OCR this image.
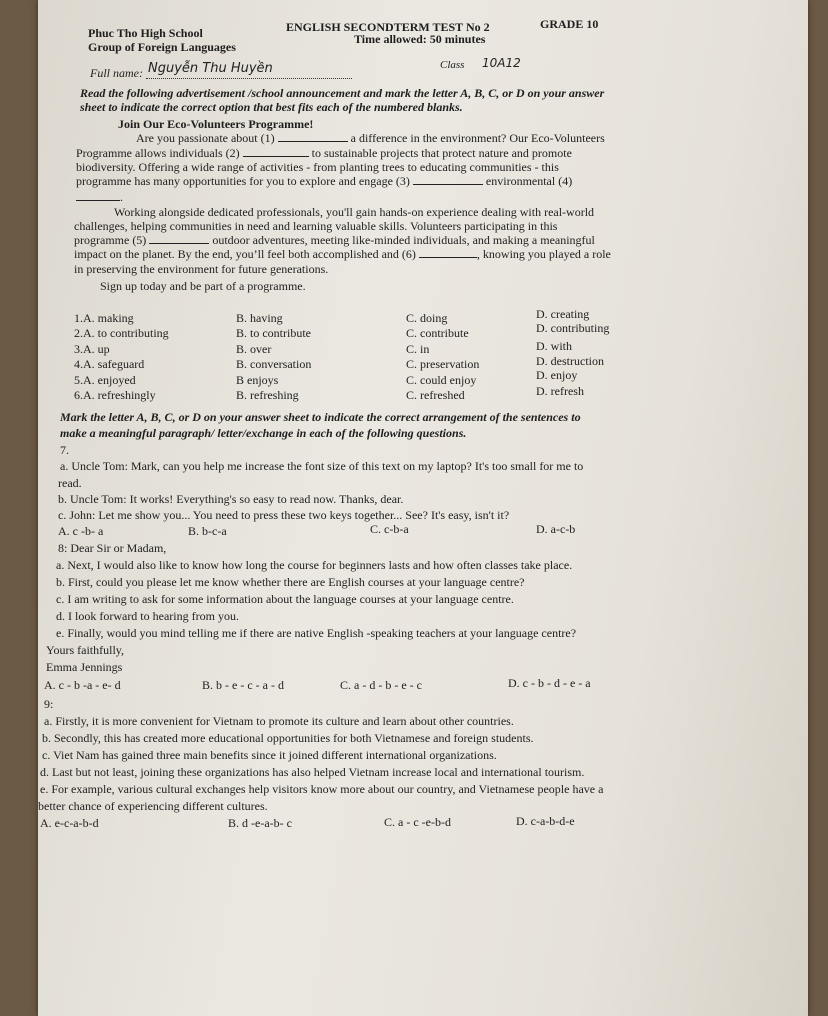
Phuc Tho High School
Group of Foreign Languages
ENGLISH SECONDTERM TEST No 2	GRADE 10
Time allowed: 50 minutes
Full name: Nguyễn Thu Huyền	Class 10A12
Read the following advertisement /school announcement and mark the letter A, B, C, or D on your answer
sheet to indicate the correct option that best fits each of the numbered blanks.
Join Our Eco-Volunteers Programme!
Are you passionate about (1)	a difference in the environment? Our Eco-Volunteers
Programme allows individuals (2)	to sustainable projects that protect nature and promote
biodiversity. Offering a wide range of activities - from planting trees to educating communities - this
programme has many opportunities for you to explore and engage (3)	environmental (4)
.
Working alongside dedicated professionals, you'll gain hands-on experience dealing with real-world
challenges, helping communities in need and learning valuable skills. Volunteers participating in this
programme (5)	outdoor adventures, meeting like-minded individuals, and making a meaningful
impact on the planet. By the end, you’ll feel both accomplished and (6)	, knowing you played a role
in preserving the environment for future generations.
Sign up today and be part of a programme.
1.A. making	B. having	C. doing	D. creating
2.A. to contributing	B. to contribute	C. contribute	D. contributing
3.A. up	B. over	C. in	D. with
4.A. safeguard	B. conversation	C. preservation	D. destruction
5.A. enjoyed	B enjoys	C. could enjoy	D. enjoy
6.A. refreshingly	B. refreshing	C. refreshed	D. refresh
Mark the letter A, B, C, or D on your answer sheet to indicate the correct arrangement of the sentences to
make a meaningful paragraph/ letter/exchange in each of the following questions.
7.
a. Uncle Tom: Mark, can you help me increase the font size of this text on my laptop? It's too small for me to
read.
b. Uncle Tom: It works! Everything's so easy to read now. Thanks, dear.
c. John: Let me show you... You need to press these two keys together... See? It's easy, isn't it?
A. c -b- a	B. b-c-a	C. c-b-a	D. a-c-b
8: Dear Sir or Madam,
a. Next, I would also like to know how long the course for beginners lasts and how often classes take place.
b. First, could you please let me know whether there are English courses at your language centre?
c. I am writing to ask for some information about the language courses at your language centre.
d. I look forward to hearing from you.
e. Finally, would you mind telling me if there are native English -speaking teachers at your language centre?
Yours faithfully,
Emma Jennings
A. c - b -a - e- d	B. b - e - c - a - d	C. a - d - b - e - c	D. c - b - d - e - a
9:
a. Firstly, it is more convenient for Vietnam to promote its culture and learn about other countries.
b. Secondly, this has created more educational opportunities for both Vietnamese and foreign students.
c. Viet Nam has gained three main benefits since it joined different international organizations.
d. Last but not least, joining these organizations has also helped Vietnam increase local and international tourism.
e. For example, various cultural exchanges help visitors know more about our country, and Vietnamese people have a
better chance of experiencing different cultures.
A. e-c-a-b-d	B. d -e-a-b- c	C. a - c -e-b-d	D. c-a-b-d-e
